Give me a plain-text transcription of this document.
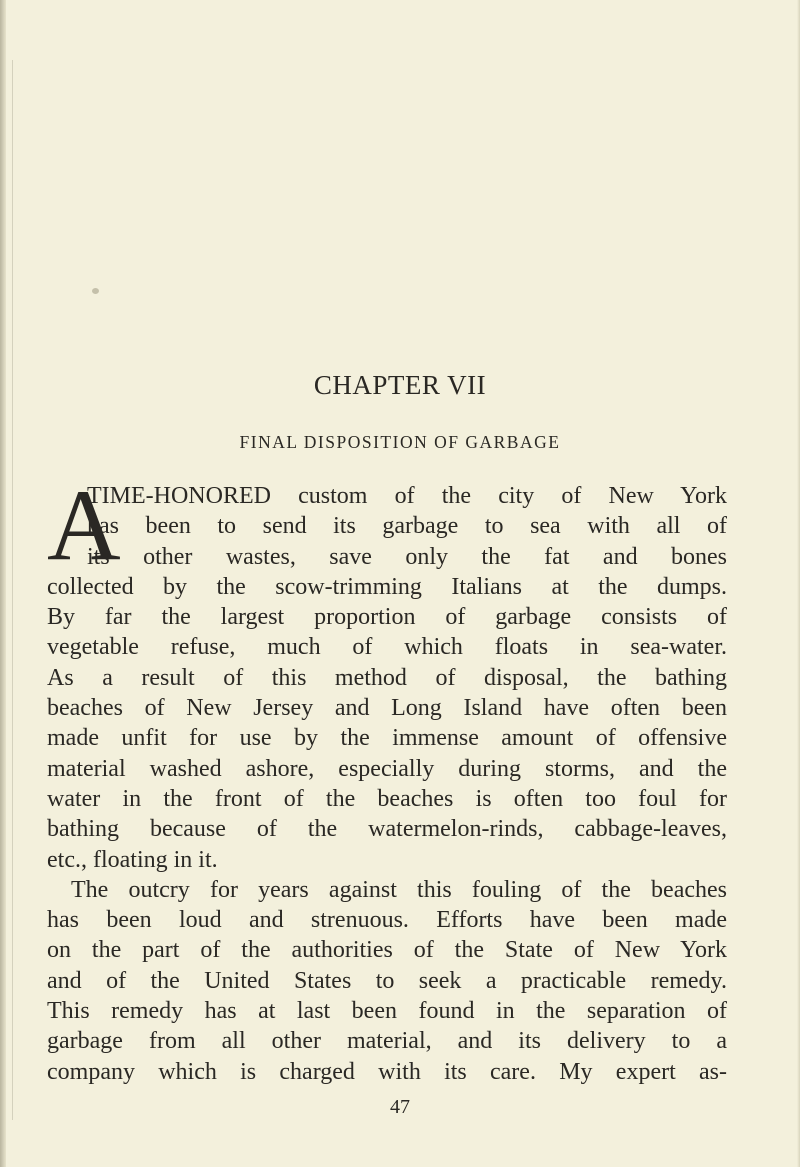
CHAPTER VII
FINAL DISPOSITION OF GARBAGE
A
TIME-HONORED custom of the city of New York
has been to send its garbage to sea with all of
its other wastes, save only the fat and bones
collected by the scow-trimming Italians at the dumps.
By far the largest proportion of garbage consists of
vegetable refuse, much of which floats in sea-water.
As a result of this method of disposal, the bathing
beaches of New Jersey and Long Island have often been
made unfit for use by the immense amount of offensive
material washed ashore, especially during storms, and the
water in the front of the beaches is often too foul for
bathing because of the watermelon-rinds, cabbage-leaves,
etc., floating in it.
The outcry for years against this fouling of the beaches
has been loud and strenuous. Efforts have been made
on the part of the authorities of the State of New York
and of the United States to seek a practicable remedy.
This remedy has at last been found in the separation of
garbage from all other material, and its delivery to a
company which is charged with its care. My expert as-

47
